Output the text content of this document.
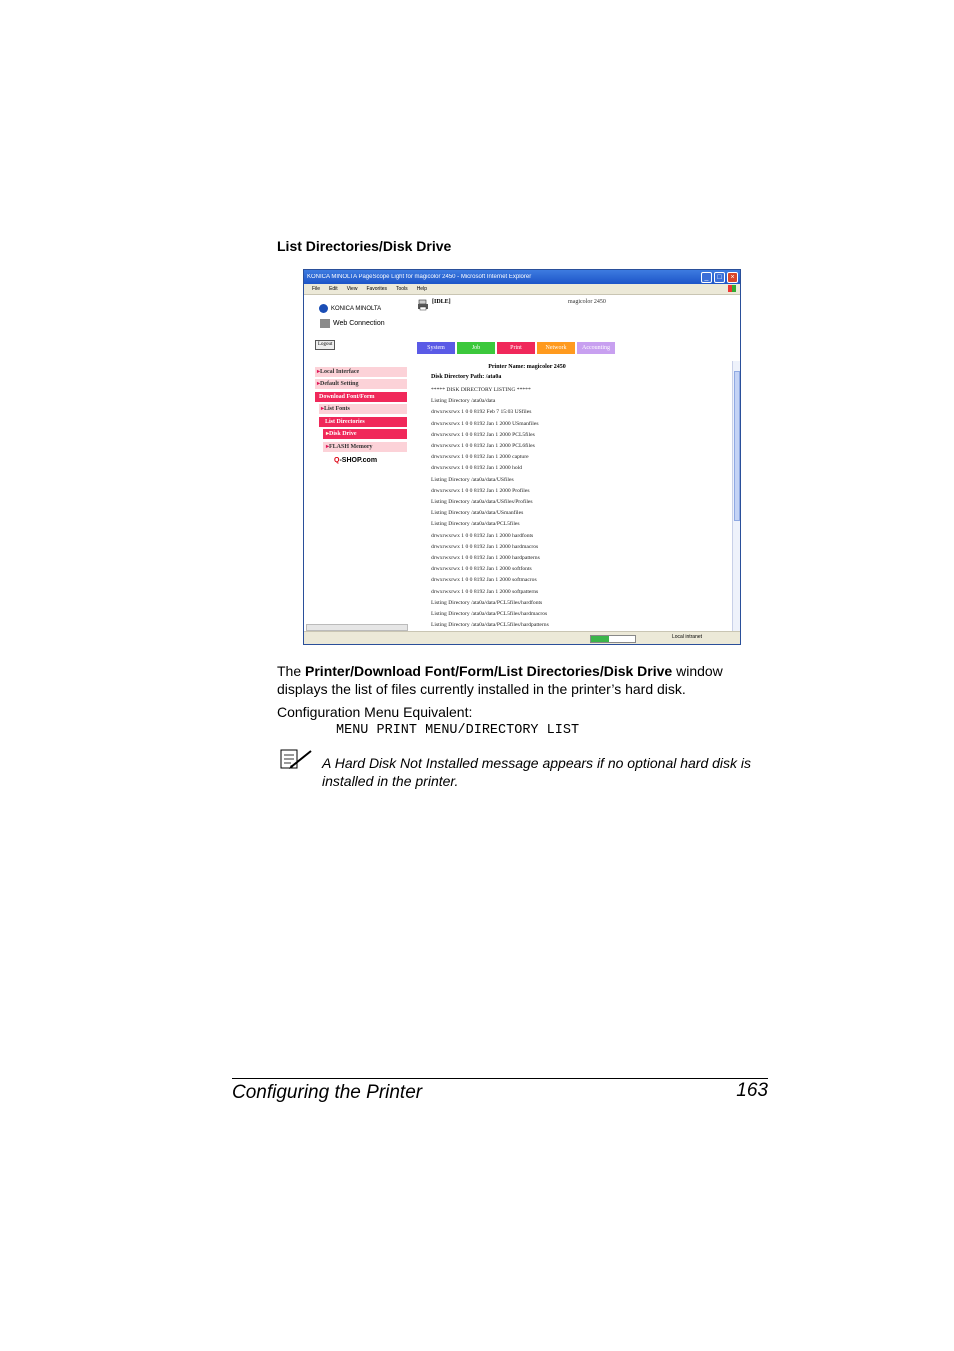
List Directories/Disk Drive
KONICA MINOLTA PageScope Light for magicolor 2450 - Microsoft Internet Explorer	_	□	×
File Edit View Favorites Tools Help
KONICA MINOLTA
Web Connection
Logout
▸Local Interface
▸Default Setting
Download Font/Form
▸List Fonts
List Directories
▸Disk Drive
▸FLASH Memory
Q-SHOP.com
[IDLE]	magicolor 2450
System	Job	Print	Network	Accounting
Printer Name: magicolor 2450
Disk Directory Path: /ata0a
***** DISK DIRECTORY LISTING *****
Listing Directory /ata0a/data
drwxrwxrwx 1 0 0 8192 Feb 7 15:03 USfiles
drwxrwxrwx 1 0 0 8192 Jan 1 2000 USmanfiles
drwxrwxrwx 1 0 0 8192 Jan 1 2000 PCL5files
drwxrwxrwx 1 0 0 8192 Jan 1 2000 PCL6files
drwxrwxrwx 1 0 0 8192 Jan 1 2000 capture
drwxrwxrwx 1 0 0 8192 Jan 1 2000 hold
Listing Directory /ata0a/data/USfiles
drwxrwxrwx 1 0 0 8192 Jan 1 2000 Profiles
Listing Directory /ata0a/data/USfiles/Profiles
Listing Directory /ata0a/data/USmanfiles
Listing Directory /ata0a/data/PCL5files
drwxrwxrwx 1 0 0 8192 Jan 1 2000 hardfonts
drwxrwxrwx 1 0 0 8192 Jan 1 2000 hardmacros
drwxrwxrwx 1 0 0 8192 Jan 1 2000 hardpatterns
drwxrwxrwx 1 0 0 8192 Jan 1 2000 softfonts
drwxrwxrwx 1 0 0 8192 Jan 1 2000 softmacros
drwxrwxrwx 1 0 0 8192 Jan 1 2000 softpatterns
Listing Directory /ata0a/data/PCL5files/hardfonts
Listing Directory /ata0a/data/PCL5files/hardmacros
Listing Directory /ata0a/data/PCL5files/hardpatterns
Local intranet
The Printer/Download Font/Form/List Directories/Disk Drive window displays the list of files currently installed in the printer’s hard disk.
Configuration Menu Equivalent:
MENU PRINT MENU/DIRECTORY LIST
A Hard Disk Not Installed message appears if no optional hard disk is installed in the printer.
Configuring the Printer	163
